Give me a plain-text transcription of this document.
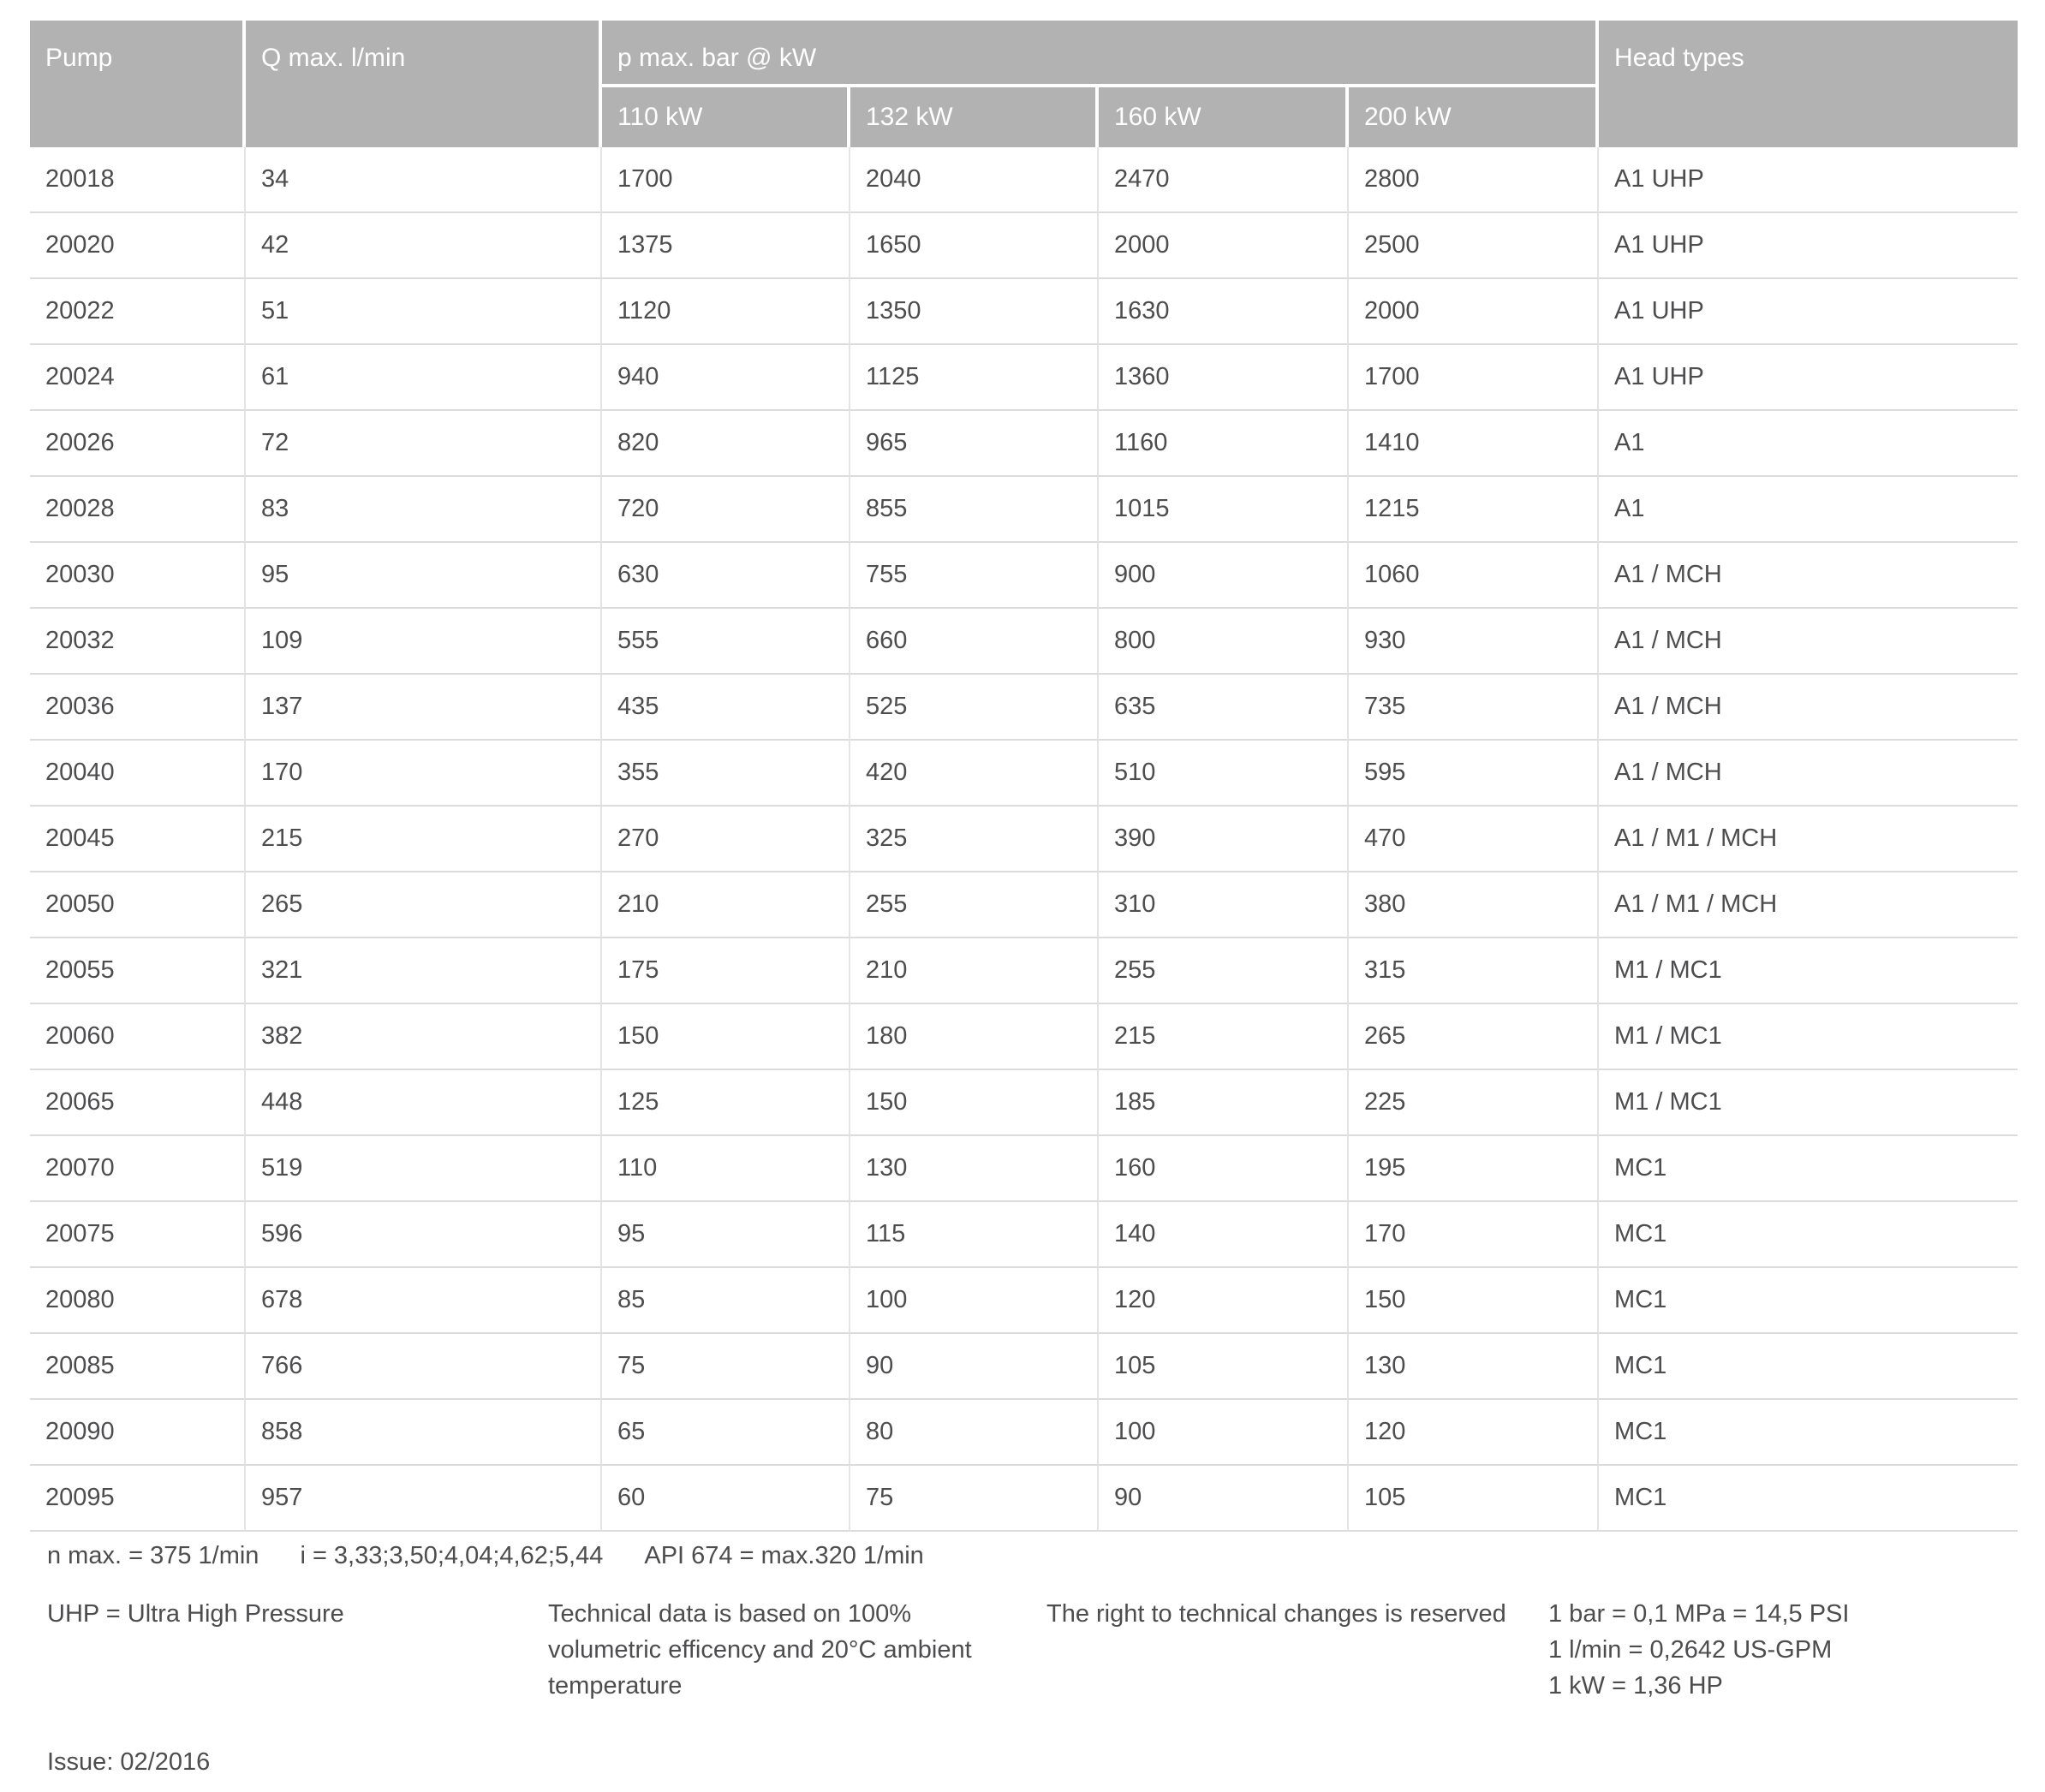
Pump	Q max. l/min	p max. bar @ kW				Head types
		110 kW	132 kW	160 kW	200 kW	
20018	34	1700	2040	2470	2800	A1 UHP
20020	42	1375	1650	2000	2500	A1 UHP
20022	51	1120	1350	1630	2000	A1 UHP
20024	61	940	1125	1360	1700	A1 UHP
20026	72	820	965	1160	1410	A1
20028	83	720	855	1015	1215	A1
20030	95	630	755	900	1060	A1 / MCH
20032	109	555	660	800	930	A1 / MCH
20036	137	435	525	635	735	A1 / MCH
20040	170	355	420	510	595	A1 / MCH
20045	215	270	325	390	470	A1 / M1 / MCH
20050	265	210	255	310	380	A1 / M1 / MCH
20055	321	175	210	255	315	M1 / MC1
20060	382	150	180	215	265	M1 / MC1
20065	448	125	150	185	225	M1 / MC1
20070	519	110	130	160	195	MC1
20075	596	95	115	140	170	MC1
20080	678	85	100	120	150	MC1
20085	766	75	90	105	130	MC1
20090	858	65	80	100	120	MC1
20095	957	60	75	90	105	MC1
n max. = 375 1/min i = 3,33;3,50;4,04;4,62;5,44 API 674 = max.320 1/min
UHP = Ultra High Pressure	Technical data is based on 100% volumetric efficency and 20°C ambient temperature
The right to technical changes is reserved	1 bar = 0,1 MPa = 14,5 PSI
1 l/min = 0,2642 US-GPM
1 kW = 1,36 HP
Issue: 02/2016
